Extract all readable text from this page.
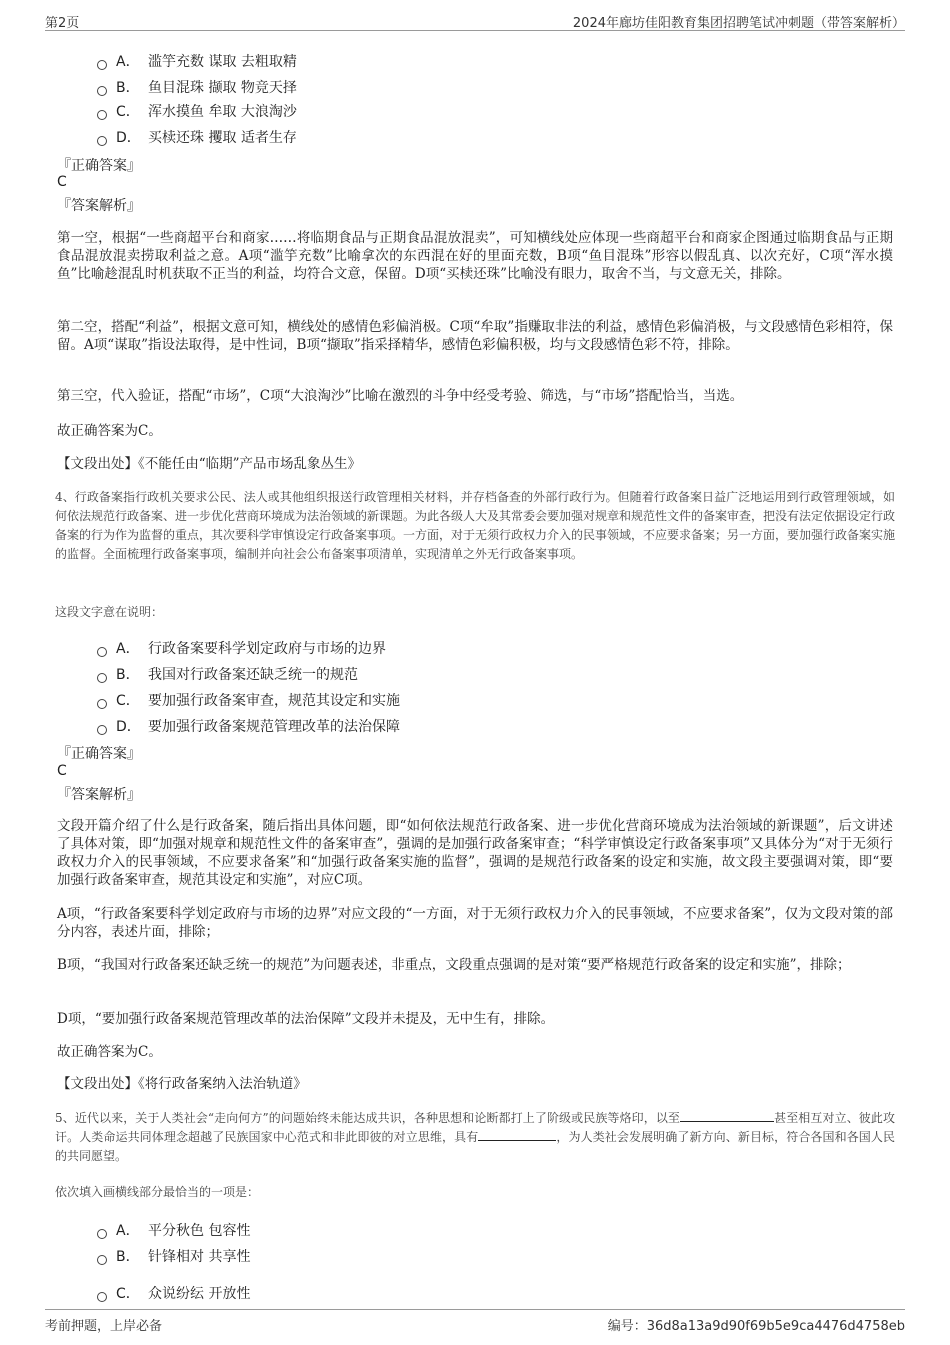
第2页	2024年廊坊佳阳教育集团招聘笔试冲刺题（带答案解析）
A． 滥竽充数 谋取 去粗取精
B． 鱼目混珠 撷取 物竞天择
C． 浑水摸鱼 牟取 大浪淘沙
D． 买椟还珠 攫取 适者生存
『正确答案』
C
『答案解析』
第一空，根据“一些商超平台和商家……将临期食品与正期食品混放混卖”，可知横线处应体现一些商超平台和商家企图通过临期食品与正期食品混放混卖捞取利益之意。A项“滥竽充数”比喻拿次的东西混在好的里面充数，B项“鱼目混珠”形容以假乱真、以次充好，C项“浑水摸鱼”比喻趁混乱时机获取不正当的利益，均符合文意，保留。D项“买椟还珠”比喻没有眼力，取舍不当，与文意无关，排除。
第二空，搭配“利益”，根据文意可知，横线处的感情色彩偏消极。C项“牟取”指赚取非法的利益，感情色彩偏消极，与文段感情色彩相符，保留。A项“谋取”指设法取得，是中性词，B项“撷取”指采择精华，感情色彩偏积极，均与文段感情色彩不符，排除。
第三空，代入验证，搭配“市场”，C项“大浪淘沙”比喻在激烈的斗争中经受考验、筛选，与“市场”搭配恰当，当选。
故正确答案为C。
【文段出处】《不能任由“临期”产品市场乱象丛生》
4、行政备案指行政机关要求公民、法人或其他组织报送行政管理相关材料，并存档备查的外部行政行为。但随着行政备案日益广泛地运用到行政管理领域，如何依法规范行政备案、进一步优化营商环境成为法治领域的新课题。为此各级人大及其常委会要加强对规章和规范性文件的备案审查，把没有法定依据设定行政备案的行为作为监督的重点，其次要科学审慎设定行政备案事项。一方面，对于无须行政权力介入的民事领域，不应要求备案；另一方面，要加强行政备案实施的监督。全面梳理行政备案事项，编制并向社会公布备案事项清单，实现清单之外无行政备案事项。
这段文字意在说明：
A． 行政备案要科学划定政府与市场的边界
B． 我国对行政备案还缺乏统一的规范
C． 要加强行政备案审查，规范其设定和实施
D． 要加强行政备案规范管理改革的法治保障
『正确答案』
C
『答案解析』
文段开篇介绍了什么是行政备案，随后指出具体问题，即“如何依法规范行政备案、进一步优化营商环境成为法治领域的新课题”，后文讲述了具体对策，即“加强对规章和规范性文件的备案审查”，强调的是加强行政备案审查；“科学审慎设定行政备案事项”又具体分为“对于无须行政权力介入的民事领域，不应要求备案”和“加强行政备案实施的监督”，强调的是规范行政备案的设定和实施，故文段主要强调对策，即“要加强行政备案审查，规范其设定和实施”，对应C项。
A项，“行政备案要科学划定政府与市场的边界”对应文段的“一方面，对于无须行政权力介入的民事领域，不应要求备案”，仅为文段对策的部分内容，表述片面，排除；
B项，“我国对行政备案还缺乏统一的规范”为问题表述，非重点，文段重点强调的是对策“要严格规范行政备案的设定和实施”，排除；
D项，“要加强行政备案规范管理改革的法治保障”文段并未提及，无中生有，排除。
故正确答案为C。
【文段出处】《将行政备案纳入法治轨道》
5、近代以来，关于人类社会“走向何方”的问题始终未能达成共识，各种思想和论断都打上了阶级或民族等烙印，以至	甚至相互对立、彼此攻讦。人类命运共同体理念超越了民族国家中心范式和非此即彼的对立思维，具有	，为人类社会发展明确了新方向、新目标，符合各国和各国人民的共同愿望。
依次填入画横线部分最恰当的一项是：
A． 平分秋色 包容性
B． 针锋相对 共享性
C． 众说纷纭 开放性
考前押题，上岸必备	编号：36d8a13a9d90f69b5e9ca4476d4758eb
